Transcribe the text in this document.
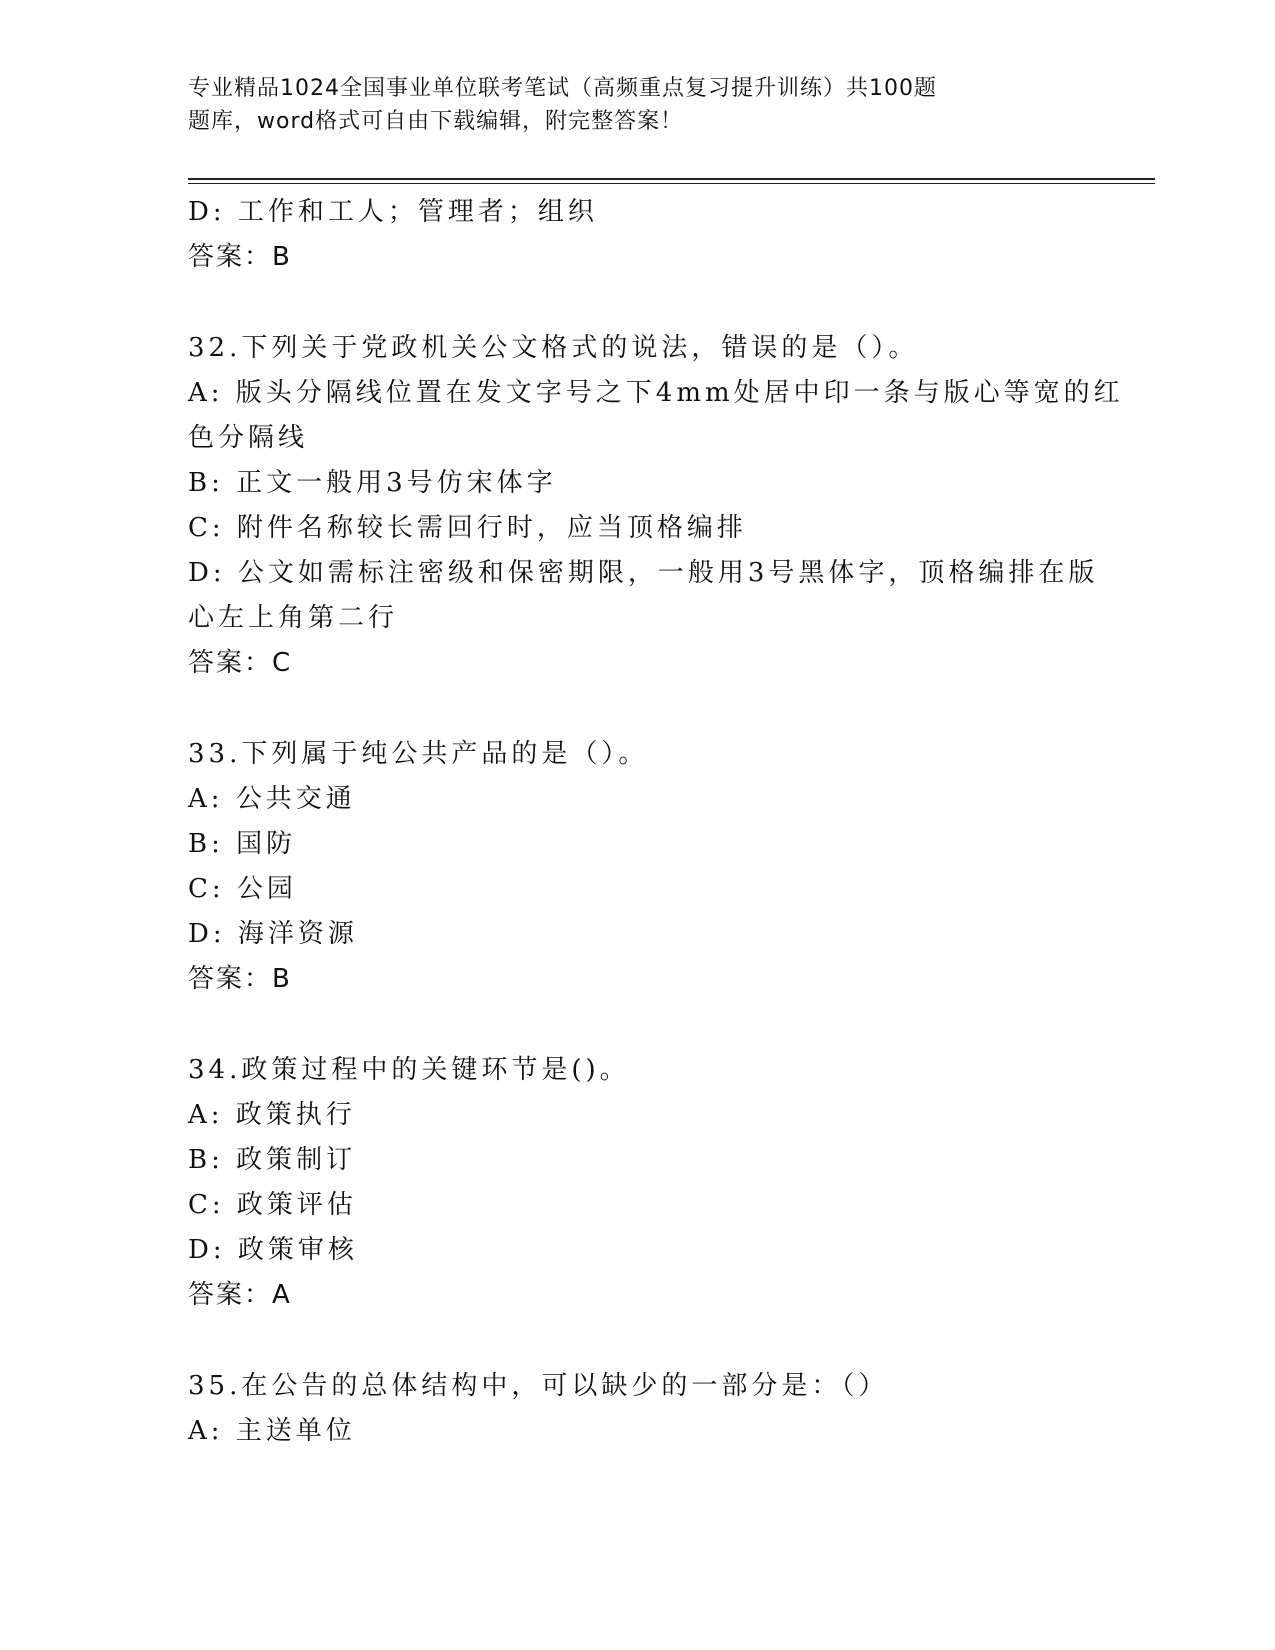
专业精品1024全国事业单位联考笔试（高频重点复习提升训练）共100题
题库，word格式可自由下载编辑，附完整答案！
D: 工作和工人；管理者；组织
答案：B
32.下列关于党政机关公文格式的说法，错误的是（）。
A: 版头分隔线位置在发文字号之下4mm处居中印一条与版心等宽的红
色分隔线
B: 正文一般用3号仿宋体字
C: 附件名称较长需回行时，应当顶格编排
D: 公文如需标注密级和保密期限，一般用3号黑体字，顶格编排在版
心左上角第二行
答案：C
33.下列属于纯公共产品的是（）。
A: 公共交通
B: 国防
C: 公园
D: 海洋资源
答案：B
34.政策过程中的关键环节是()。
A: 政策执行
B: 政策制订
C: 政策评估
D: 政策审核
答案：A
35.在公告的总体结构中，可以缺少的一部分是：（）
A: 主送单位
